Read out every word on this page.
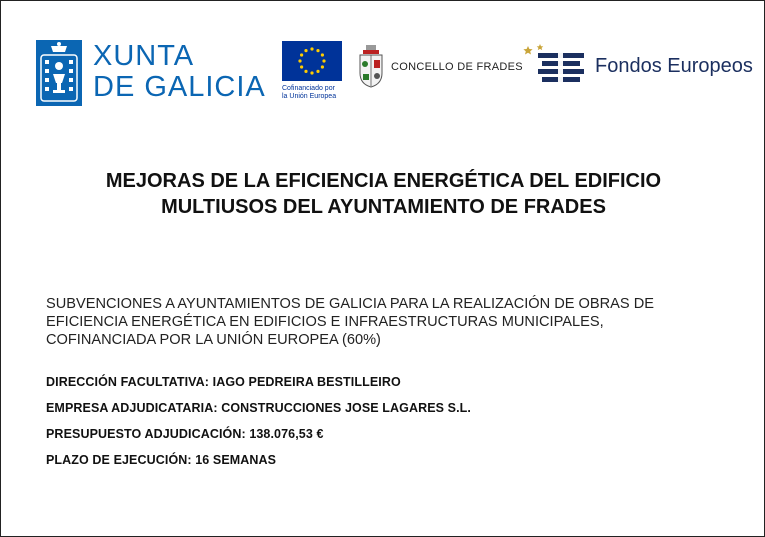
XUNTA
DE GALICIA Cofinanciado por
la Unión Europea
CONCELLO DE FRADES	Fondos Europeos
MEJORAS DE LA EFICIENCIA ENERGÉTICA DEL EDIFICIO
MULTIUSOS DEL AYUNTAMIENTO DE FRADES
SUBVENCIONES A AYUNTAMIENTOS DE GALICIA PARA LA REALIZACIÓN DE OBRAS DE
EFICIENCIA ENERGÉTICA EN EDIFICIOS E INFRAESTRUCTURAS MUNICIPALES,
COFINANCIADA POR LA UNIÓN EUROPEA (60%)
DIRECCIÓN FACULTATIVA: IAGO PEDREIRA BESTILLEIRO
EMPRESA ADJUDICATARIA: CONSTRUCCIONES JOSE LAGARES S.L.
PRESUPUESTO ADJUDICACIÓN: 138.076,53 €
PLAZO DE EJECUCIÓN: 16 SEMANAS
